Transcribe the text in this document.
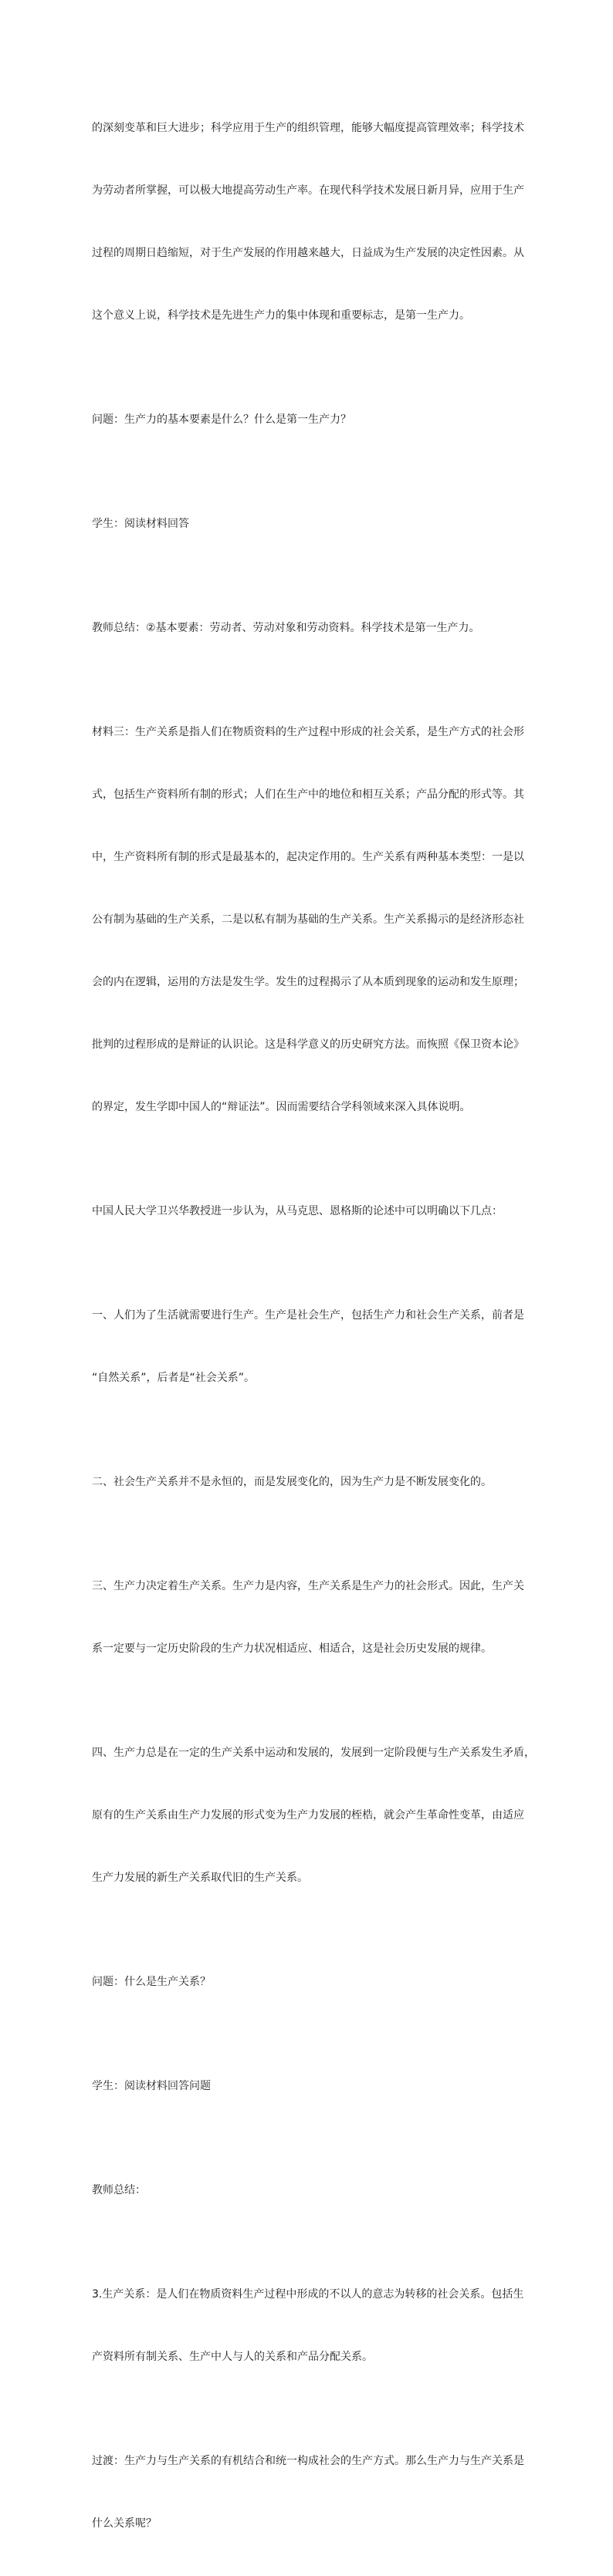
的深刻变革和巨大进步；科学应用于生产的组织管理，能够大幅度提高管理效率；科学技术

为劳动者所掌握，可以极大地提高劳动生产率。在现代科学技术发展日新月异，应用于生产

过程的周期日趋缩短，对于生产发展的作用越来越大，日益成为生产发展的决定性因素。从

这个意义上说，科学技术是先进生产力的集中体现和重要标志，是第一生产力。

问题：生产力的基本要素是什么？什么是第一生产力？

学生：阅读材料回答

教师总结：②基本要素：劳动者、劳动对象和劳动资料。科学技术是第一生产力。

材料三：生产关系是指人们在物质资料的生产过程中形成的社会关系，是生产方式的社会形

式，包括生产资料所有制的形式；人们在生产中的地位和相互关系；产品分配的形式等。其

中，生产资料所有制的形式是最基本的，起决定作用的。生产关系有两种基本类型：一是以

公有制为基础的生产关系，二是以私有制为基础的生产关系。生产关系揭示的是经济形态社

会的内在逻辑，运用的方法是发生学。发生的过程揭示了从本质到现象的运动和发生原理；

批判的过程形成的是辩证的认识论。这是科学意义的历史研究方法。而恢照《保卫资本论》

的界定，发生学即中国人的“辩证法”。因而需要结合学科领域来深入具体说明。

中国人民大学卫兴华教授进一步认为，从马克思、恩格斯的论述中可以明确以下几点：

一、人们为了生活就需要进行生产。生产是社会生产，包括生产力和社会生产关系，前者是

“自然关系”，后者是“社会关系”。

二、社会生产关系并不是永恒的，而是发展变化的，因为生产力是不断发展变化的。

三、生产力决定着生产关系。生产力是内容，生产关系是生产力的社会形式。因此，生产关

系一定要与一定历史阶段的生产力状况相适应、相适合，这是社会历史发展的规律。

四、生产力总是在一定的生产关系中运动和发展的，发展到一定阶段便与生产关系发生矛盾，

原有的生产关系由生产力发展的形式变为生产力发展的桎梏，就会产生革命性变革，由适应

生产力发展的新生产关系取代旧的生产关系。

问题：什么是生产关系？

学生：阅读材料回答问题

教师总结：

3.生产关系：是人们在物质资料生产过程中形成的不以人的意志为转移的社会关系。包括生

产资料所有制关系、生产中人与人的关系和产品分配关系。

过渡：生产力与生产关系的有机结合和统一构成社会的生产方式。那么生产力与生产关系是

什么关系呢？
